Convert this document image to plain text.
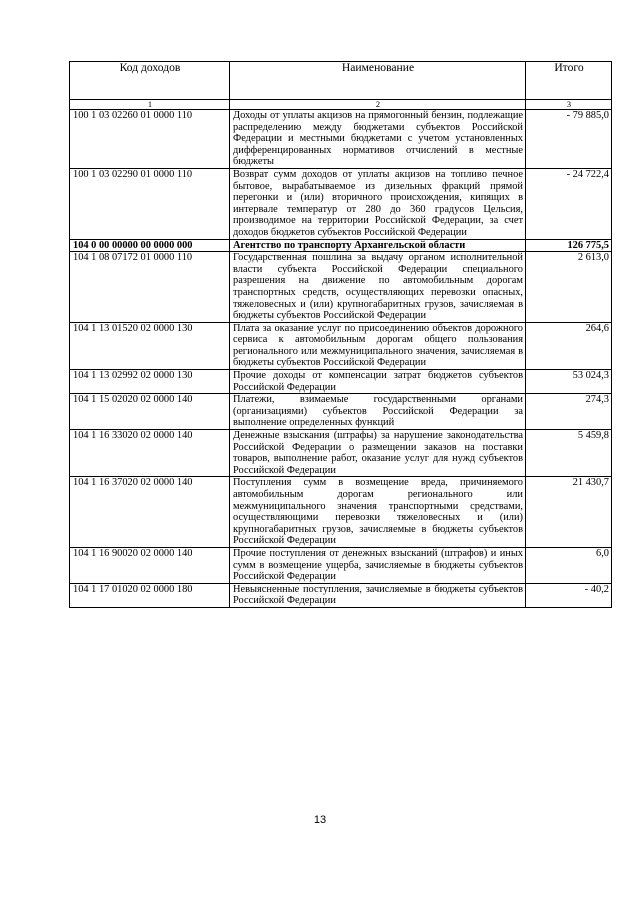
Код доходов	Наименование	Итого
1	2	3
100 1 03 02260 01 0000 110	Доходы от уплаты акцизов на прямогонный бензин, подлежащие распределению между бюджетами субъектов Российской Федерации и местными бюджетами с учетом установленных дифференцированных нормативов отчислений в местные бюджеты	- 79 885,0
100 1 03 02290 01 0000 110	Возврат сумм доходов от уплаты акцизов на топливо печное бытовое, вырабатываемое из дизельных фракций прямой перегонки и (или) вторичного происхождения, кипящих в интервале температур от 280 до 360 градусов Цельсия, производимое на территории Российской Федерации, за счет доходов бюджетов субъектов Российской Федерации	- 24 722,4
104 0 00 00000 00 0000 000	Агентство по транспорту Архангельской области	126 775,5
104 1 08 07172 01 0000 110	Государственная пошлина за выдачу органом исполнительной власти субъекта Российской Федерации специального разрешения на движение по автомобильным дорогам транспортных средств, осуществляющих перевозки опасных, тяжеловесных и (или) крупногабаритных грузов, зачисляемая в бюджеты субъектов Российской Федерации	2 613,0
104 1 13 01520 02 0000 130	Плата за оказание услуг по присоединению объектов дорожного сервиса к автомобильным дорогам общего пользования регионального или межмуниципального значения, зачисляемая в бюджеты субъектов Российской Федерации	264,6
104 1 13 02992 02 0000 130	Прочие доходы от компенсации затрат бюджетов субъектов Российской Федерации	53 024,3
104 1 15 02020 02 0000 140	Платежи, взимаемые государственными органами (организациями) субъектов Российской Федерации за выполнение определенных функций	274,3
104 1 16 33020 02 0000 140	Денежные взыскания (штрафы) за нарушение законодательства Российской Федерации о размещении заказов на поставки товаров, выполнение работ, оказание услуг для нужд субъектов Российской Федерации	5 459,8
104 1 16 37020 02 0000 140	Поступления сумм в возмещение вреда, причиняемого автомобильным дорогам регионального или межмуниципального значения транспортными средствами, осуществляющими перевозки тяжеловесных и (или) крупногабаритных грузов, зачисляемые в бюджеты субъектов Российской Федерации	21 430,7
104 1 16 90020 02 0000 140	Прочие поступления от денежных взысканий (штрафов) и иных сумм в возмещение ущерба, зачисляемые в бюджеты субъектов Российской Федерации	6,0
104 1 17 01020 02 0000 180	Невыясненные поступления, зачисляемые в бюджеты субъектов Российской Федерации	- 40,2
13
